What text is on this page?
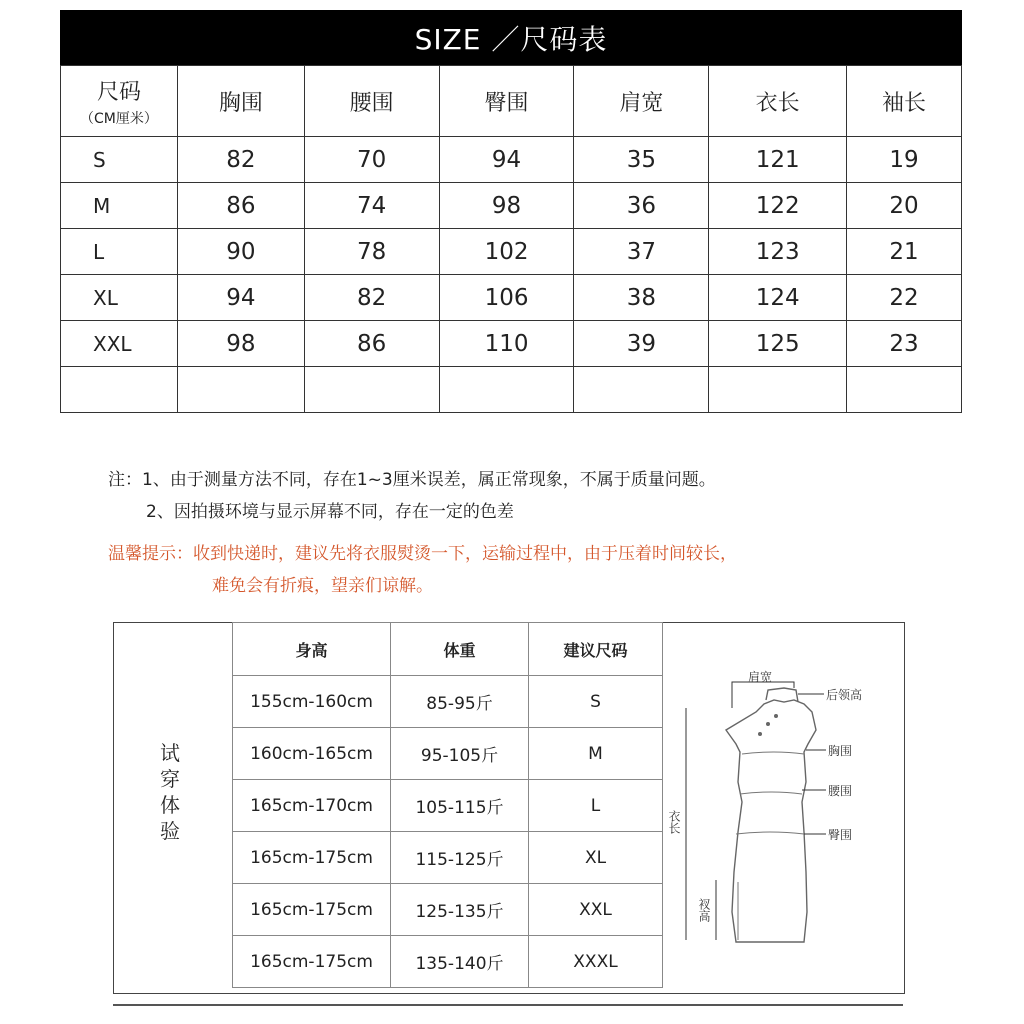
SIZE ／尺码表
尺码
（CM厘米）	胸围	腰围	臀围	肩宽	衣长	袖长
S	82	70	94	35	121	19
M	86	74	98	36	122	20
L	90	78	102	37	123	21
XL	94	82	106	38	124	22
XXL	98	86	110	39	125	23

注：1、由于测量方法不同，存在1~3厘米误差，属正常现象，不属于质量问题。
2、因拍摄环境与显示屏幕不同，存在一定的色差
温馨提示：收到快递时，建议先将衣服熨烫一下，运输过程中，由于压着时间较长，
难免会有折痕，望亲们谅解。
试穿体验
身高	体重	建议尺码
155cm-160cm	85-95斤	S
160cm-165cm	95-105斤	M
165cm-170cm	105-115斤	L
165cm-175cm	115-125斤	XL
165cm-175cm	125-135斤	XXL
165cm-175cm	135-140斤	XXXL
肩宽
后领高
胸围
腰围
臀围
衣长
衩高
